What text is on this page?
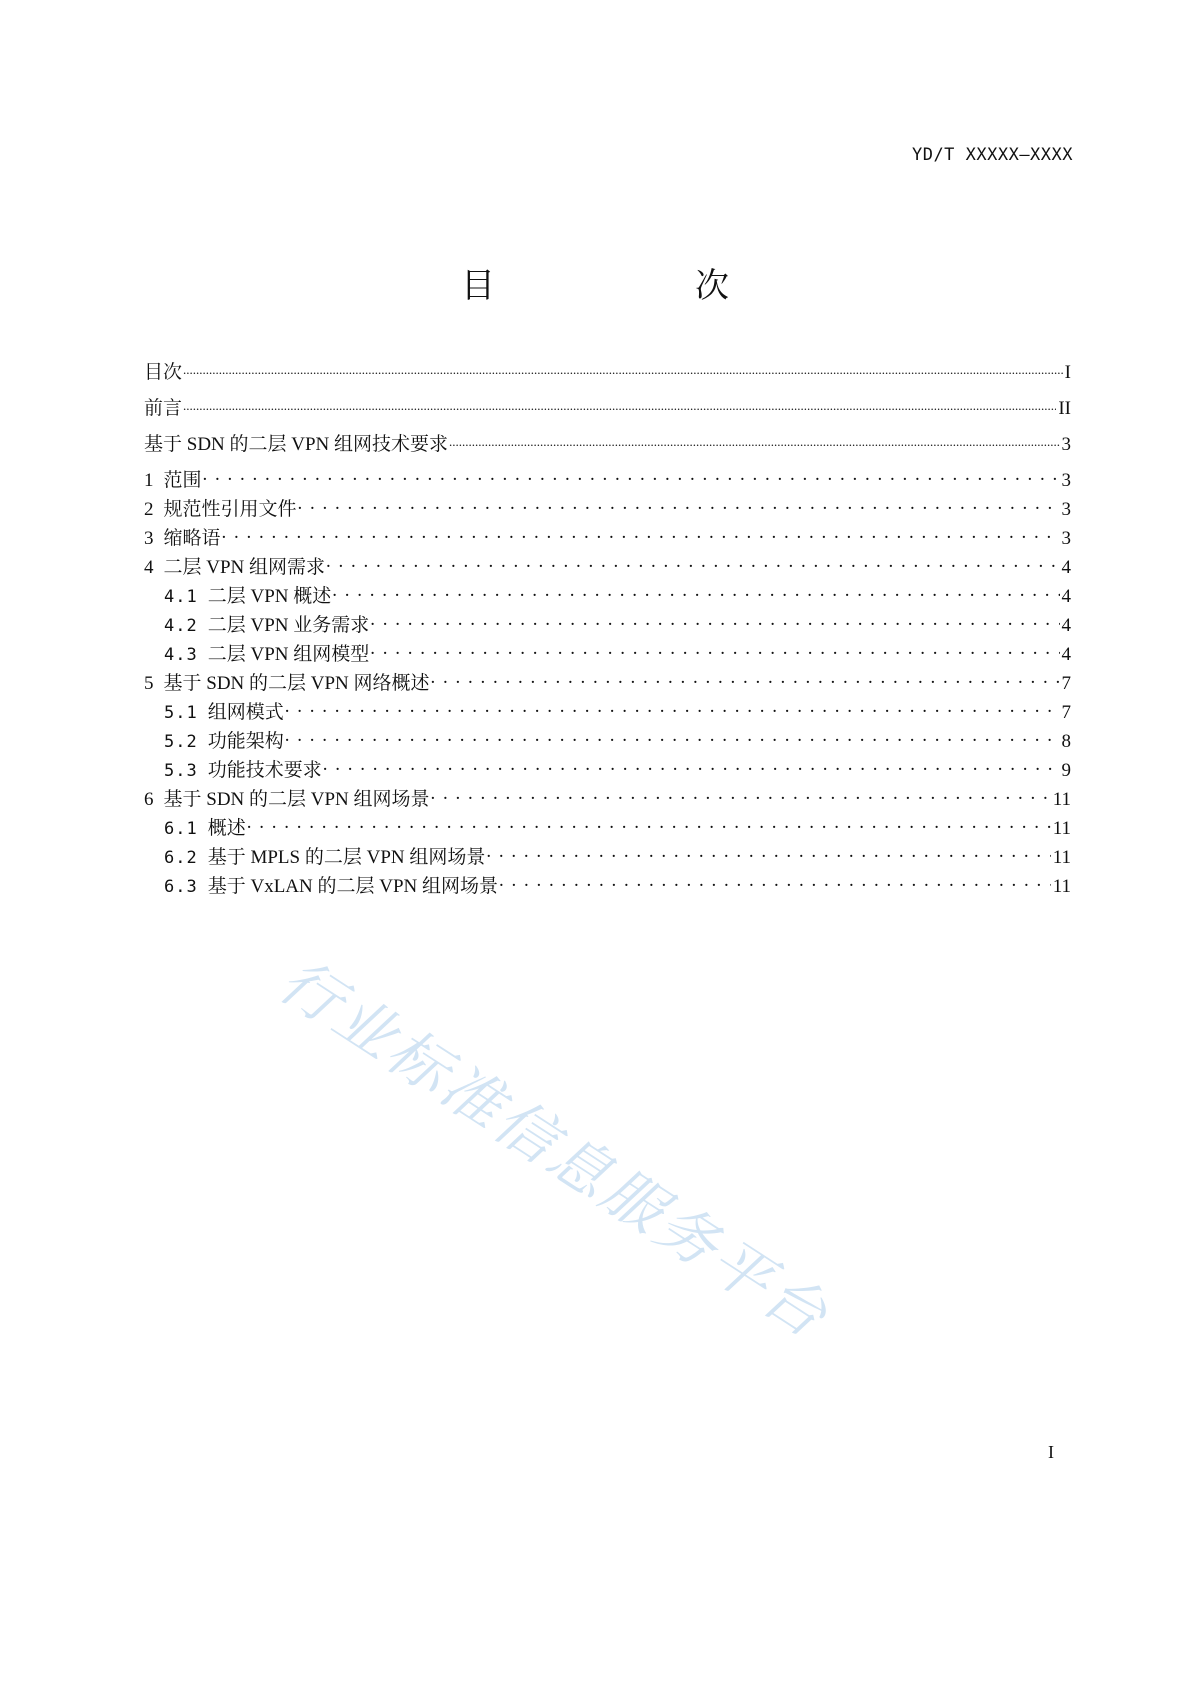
YD/T XXXXX—XXXX
目　　次
目次 .....	I
前言 .....	II
基于 SDN 的二层 VPN 组网技术要求 .....	3
1 范围 . . .	3
2 规范性引用文件 . . .	3
3 缩略语 . . .	3
4 二层 VPN 组网需求 . . .	4
4.1 二层 VPN 概述 . . .	4
4.2 二层 VPN 业务需求 . . .	4
4.3 二层 VPN 组网模型 . . .	4
5 基于 SDN 的二层 VPN 网络概述 . . .	7
5.1 组网模式 . . .	7
5.2 功能架构 . . .	8
5.3 功能技术要求 . . .	9
6 基于 SDN 的二层 VPN 组网场景 . . .	11
6.1 概述 . . .	11
6.2 基于 MPLS 的二层 VPN 组网场景 . . .	11
6.3 基于 VxLAN 的二层 VPN 组网场景 . . .	11
行业标准信息服务平台
I
